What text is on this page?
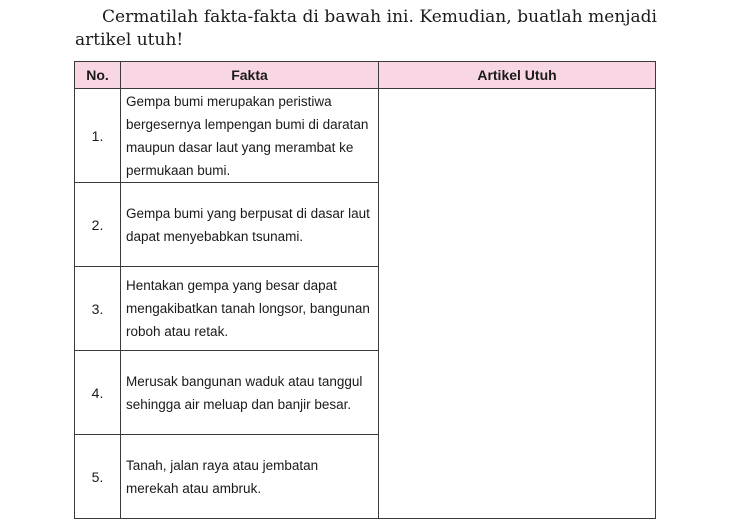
Cermatilah fakta-fakta di bawah ini. Kemudian, buatlah menjadi artikel utuh!

No.	Fakta	Artikel Utuh
1.	Gempa bumi merupakan peristiwa bergesernya lempengan bumi di daratan maupun dasar laut yang merambat ke permukaan bumi.	
2.	Gempa bumi yang berpusat di dasar laut dapat menyebabkan tsunami.	
3.	Hentakan gempa yang besar dapat mengakibatkan tanah longsor, bangunan roboh atau retak.	
4.	Merusak bangunan waduk atau tanggul sehingga air meluap dan banjir besar.	
5.	Tanah, jalan raya atau jembatan merekah atau ambruk.	
